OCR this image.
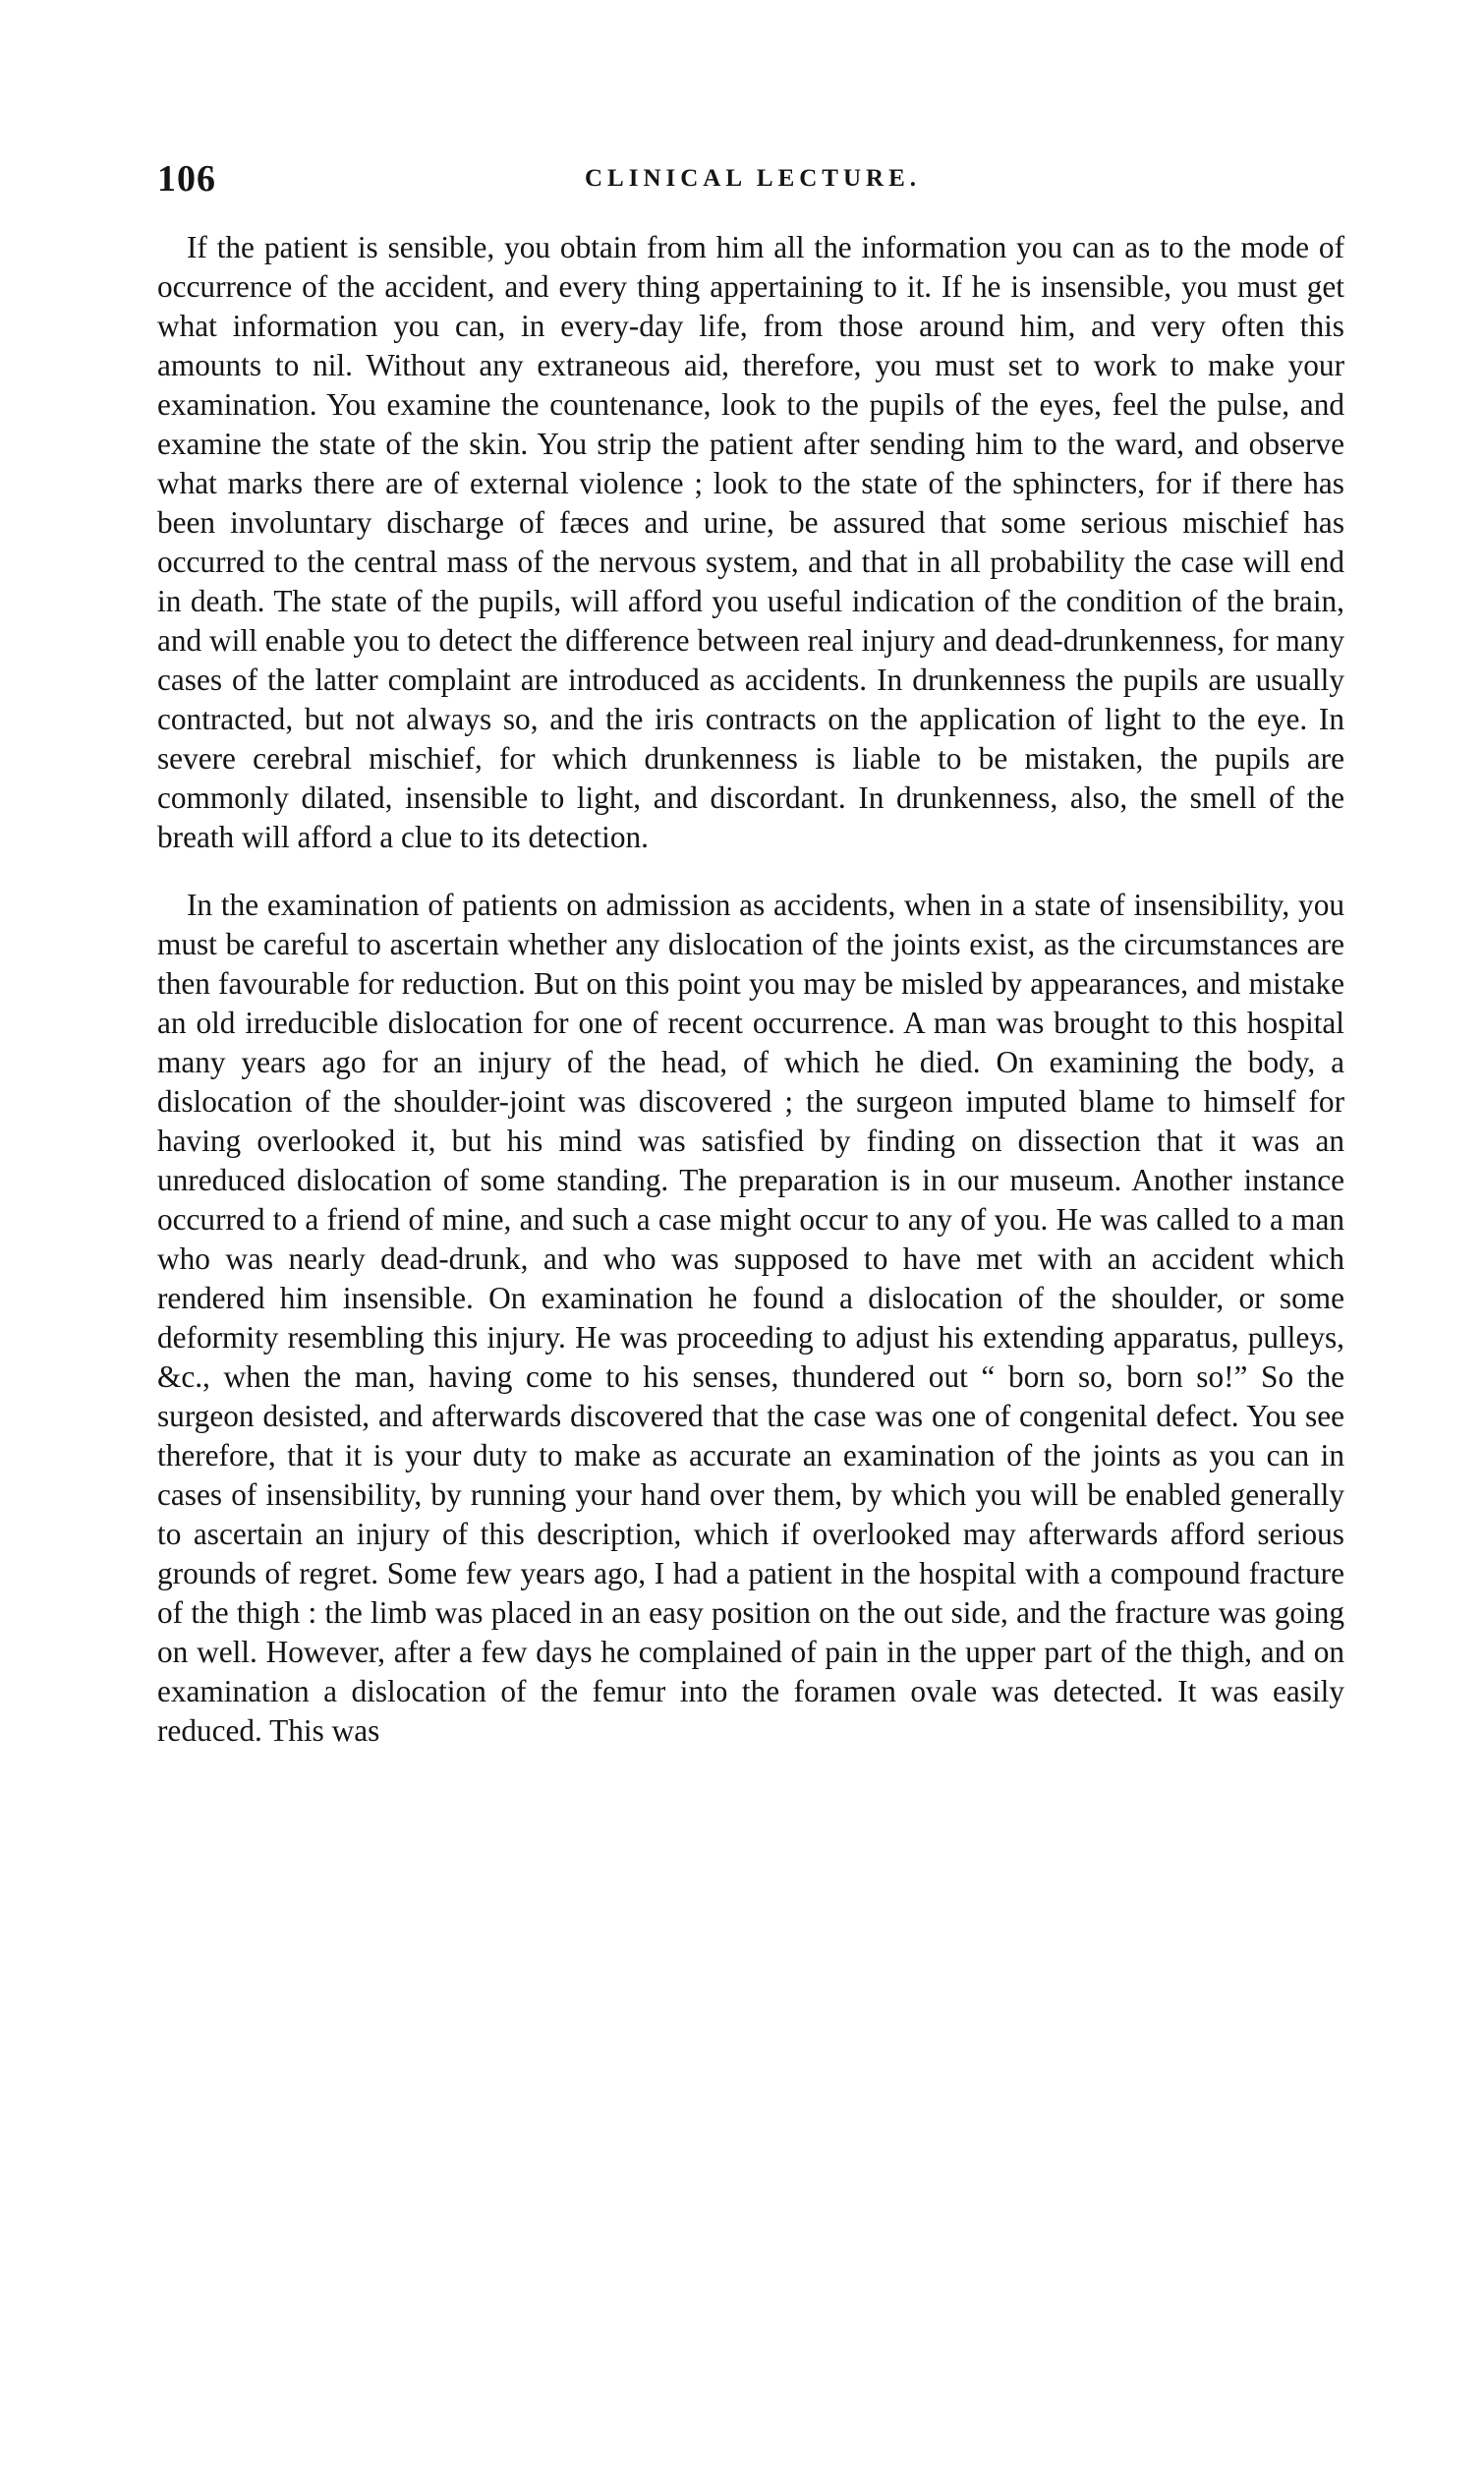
106	CLINICAL LECTURE.

If the patient is sensible, you obtain from him all the information you can as to the mode of occurrence of the accident, and every thing appertaining to it. If he is insensible, you must get what information you can, in every-day life, from those around him, and very often this amounts to nil. Without any extraneous aid, therefore, you must set to work to make your examination. You examine the countenance, look to the pupils of the eyes, feel the pulse, and examine the state of the skin. You strip the patient after sending him to the ward, and observe what marks there are of external violence ; look to the state of the sphincters, for if there has been involuntary discharge of fæces and urine, be assured that some serious mischief has occurred to the central mass of the nervous system, and that in all probability the case will end in death. The state of the pupils, will afford you useful indication of the condition of the brain, and will enable you to detect the difference between real injury and dead-drunkenness, for many cases of the latter complaint are introduced as accidents. In drunkenness the pupils are usually contracted, but not always so, and the iris contracts on the application of light to the eye. In severe cerebral mischief, for which drunkenness is liable to be mistaken, the pupils are commonly dilated, insensible to light, and discordant. In drunkenness, also, the smell of the breath will afford a clue to its detection.

In the examination of patients on admission as accidents, when in a state of insensibility, you must be careful to ascertain whether any dislocation of the joints exist, as the circumstances are then favourable for reduction. But on this point you may be misled by appearances, and mistake an old irreducible dislocation for one of recent occurrence. A man was brought to this hospital many years ago for an injury of the head, of which he died. On examining the body, a dislocation of the shoulder-joint was discovered ; the surgeon imputed blame to himself for having overlooked it, but his mind was satisfied by finding on dissection that it was an unreduced dislocation of some standing. The preparation is in our museum. Another instance occurred to a friend of mine, and such a case might occur to any of you. He was called to a man who was nearly dead-drunk, and who was supposed to have met with an accident which rendered him insensible. On examination he found a dislocation of the shoulder, or some deformity resembling this injury. He was proceeding to adjust his extending apparatus, pulleys, &c., when the man, having come to his senses, thundered out “ born so, born so!” So the surgeon desisted, and afterwards discovered that the case was one of congenital defect. You see therefore, that it is your duty to make as accurate an examination of the joints as you can in cases of insensibility, by running your hand over them, by which you will be enabled generally to ascertain an injury of this description, which if overlooked may afterwards afford serious grounds of regret. Some few years ago, I had a patient in the hospital with a compound fracture of the thigh : the limb was placed in an easy position on the out side, and the fracture was going on well. However, after a few days he complained of pain in the upper part of the thigh, and on examination a dislocation of the femur into the foramen ovale was detected. It was easily reduced. This was
